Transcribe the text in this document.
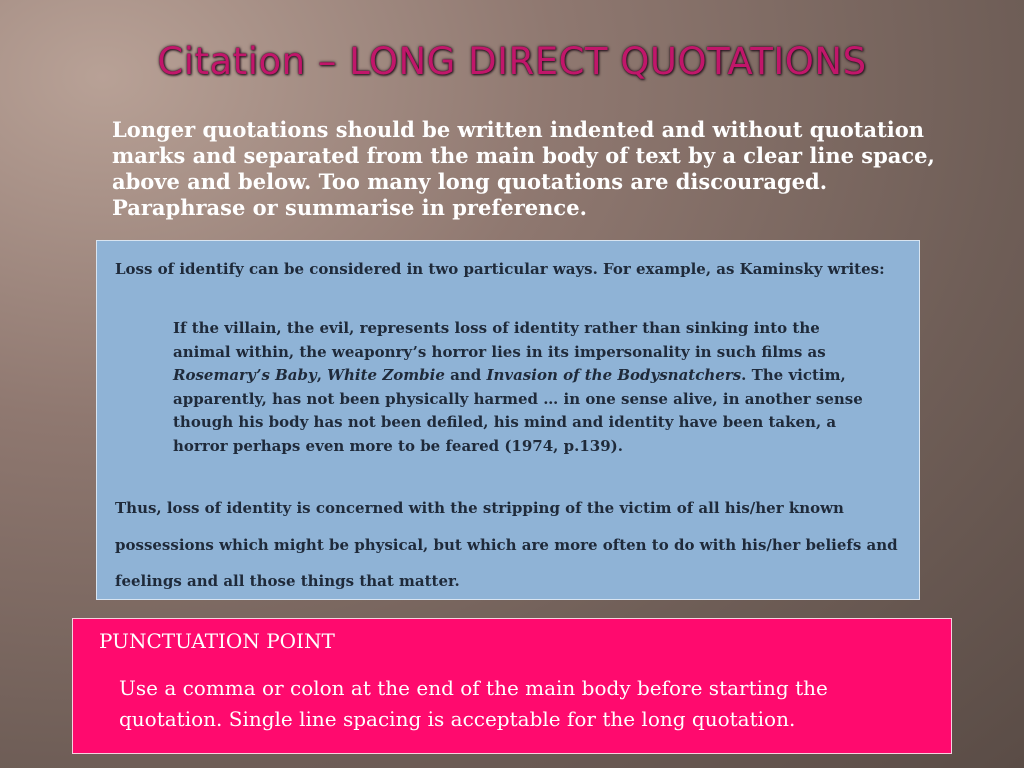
Citation – LONG DIRECT QUOTATIONS
Longer quotations should be written indented and without quotation marks and separated from the main body of text by a clear line space, above and below. Too many long quotations are discouraged. Paraphrase or summarise in preference.
Loss of identify can be considered in two particular ways. For example, as Kaminsky writes:
If the villain, the evil, represents loss of identity rather than sinking into the animal within, the weaponry’s horror lies in its impersonality in such films as Rosemary’s Baby, White Zombie and Invasion of the Bodysnatchers. The victim, apparently, has not been physically harmed … in one sense alive, in another sense though his body has not been defiled, his mind and identity have been taken, a horror perhaps even more to be feared (1974, p.139).
Thus, loss of identity is concerned with the stripping of the victim of all his/her known possessions which might be physical, but which are more often to do with his/her beliefs and feelings and all those things that matter.
PUNCTUATION POINT
Use a comma or colon at the end of the main body before starting the quotation. Single line spacing is acceptable for the long quotation.
